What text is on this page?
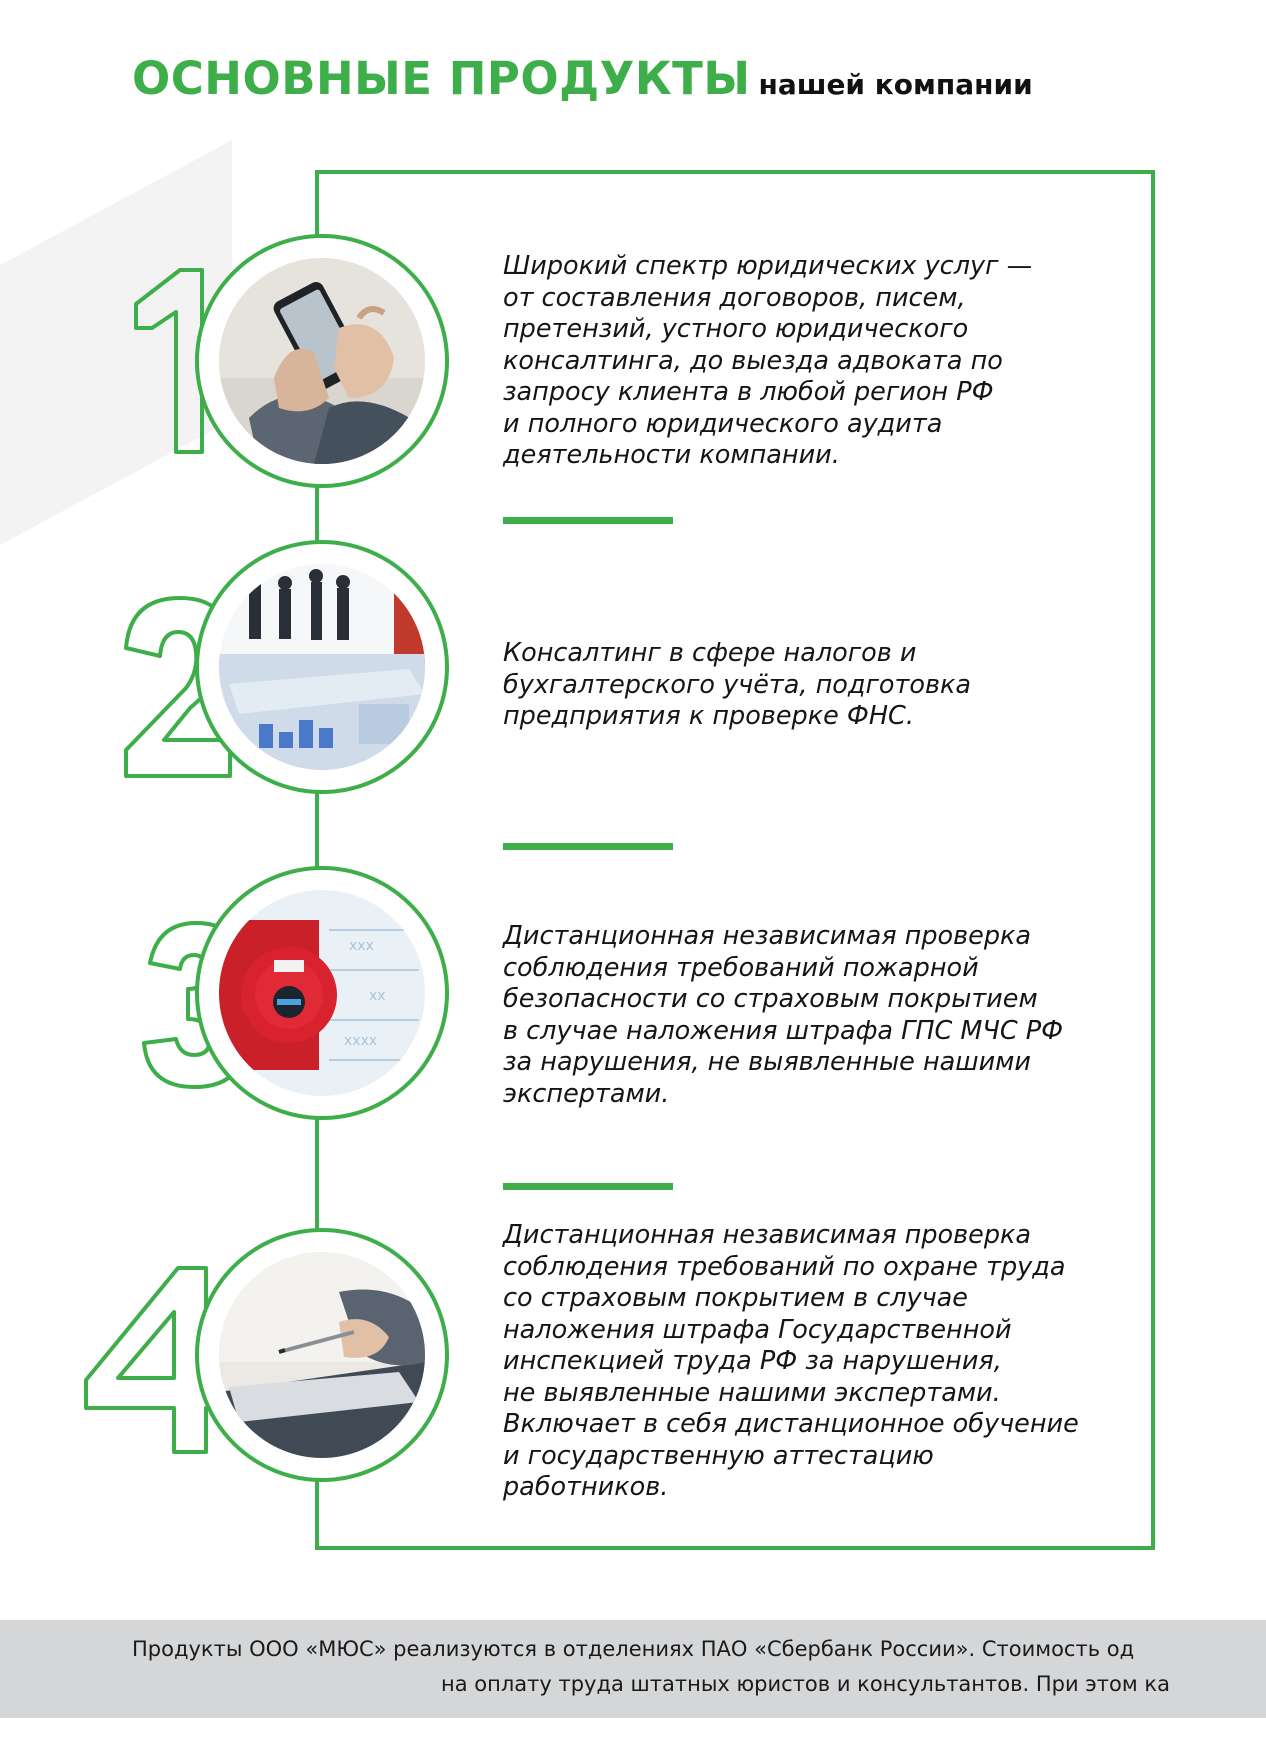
ОСНОВНЫЕ ПРОДУКТЫ нашей компании
Широкий спектр юридических услуг —
от составления договоров, писем,
претензий, устного юридического
консалтинга, до выезда адвоката по
запросу клиента в любой регион РФ
и полного юридического аудита
деятельности компании.
Консалтинг в сфере налогов и
бухгалтерского учёта, подготовка
предприятия к проверке ФНС.
xxx
xx
xxxx
Дистанционная независимая проверка
соблюдения требований пожарной
безопасности со страховым покрытием
в случае наложения штрафа ГПС МЧС РФ
за нарушения, не выявленные нашими
экспертами.
Дистанционная независимая проверка
соблюдения требований по охране труда
со страховым покрытием в случае
наложения штрафа Государственной
инспекцией труда РФ за нарушения,
не выявленные нашими экспертами.
Включает в себя дистанционное обучение
и государственную аттестацию
работников.
Продукты ООО «МЮС» реализуются в отделениях ПАО «Сбербанк России». Стоимость од
на оплату труда штатных юристов и консультантов. При этом ка
